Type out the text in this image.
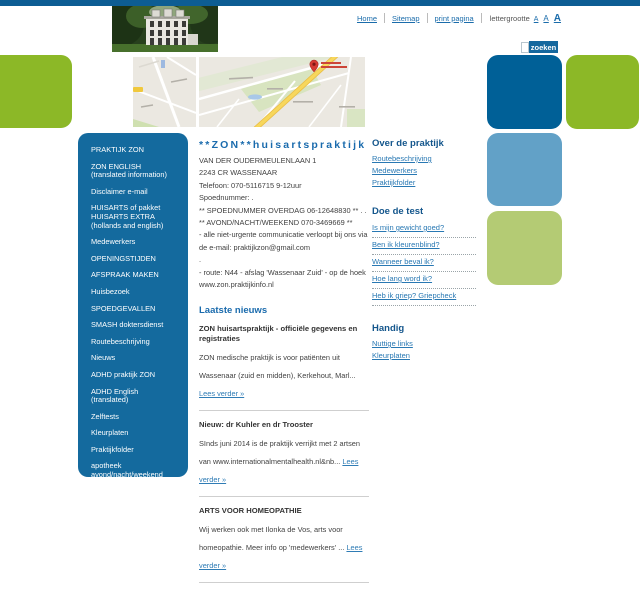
Home	Sitemap	print pagina	lettergrootte A A A
zoeken
PRAKTIJK ZON
ZON ENGLISH (translated information)
Disclaimer e-mail
HUISARTS of pakket HUISARTS EXTRA (hollands and english)
Medewerkers
OPENINGSTIJDEN
AFSPRAAK MAKEN
Huisbezoek
SPOEDGEVALLEN
SMASH doktersdienst
Routebeschrijving
Nieuws
ADHD praktijk ZON
ADHD English (translated)
Zelftests
Kleurplaten
Praktijkfolder
apotheek avond/nacht/weekend
Klachtenopvang en kwaliteitsbewaking
**ZON**huisartspraktijk
VAN DER OUDERMEULENLAAN 1
2243 CR WASSENAAR
Telefoon: 070-5116715 9-12uur
Spoednummer: .
** SPOEDNUMMER OVERDAG 06-12648830 ** . .
** AVOND/NACHT/WEEKEND 070-3469669 **
- alle niet-urgente communicatie verloopt bij ons via
de e-mail: praktijkzon@gmail.com
.
- route: N44 - afslag 'Wassenaar Zuid' - op de hoek
www.zon.praktijkinfo.nl
Laatste nieuws
ZON huisartspraktijk - officiële gegevens en registraties
ZON medische praktijk is voor patiënten uit Wassenaar (zuid en midden), Kerkehout, Marl... Lees verder »
Nieuw: dr Kuhler en dr Trooster
SInds juni 2014 is de praktijk verrijkt met 2 artsen van www.internationalmentalhealth.nl&nb... Lees verder »
ARTS VOOR HOMEOPATHIE
Wij werken ook met Ilonka de Vos, arts voor homeopathie. Meer info op 'medewerkers' ... Lees verder »
Over de praktijk
Routebeschrijving
Medewerkers
Praktijkfolder
Doe de test
Is mijn gewicht goed?
Ben ik kleurenblind?
Wanneer beval ik?
Hoe lang word ik?
Heb ik griep? Griepcheck
Handig
Nuttige links
Kleurplaten
